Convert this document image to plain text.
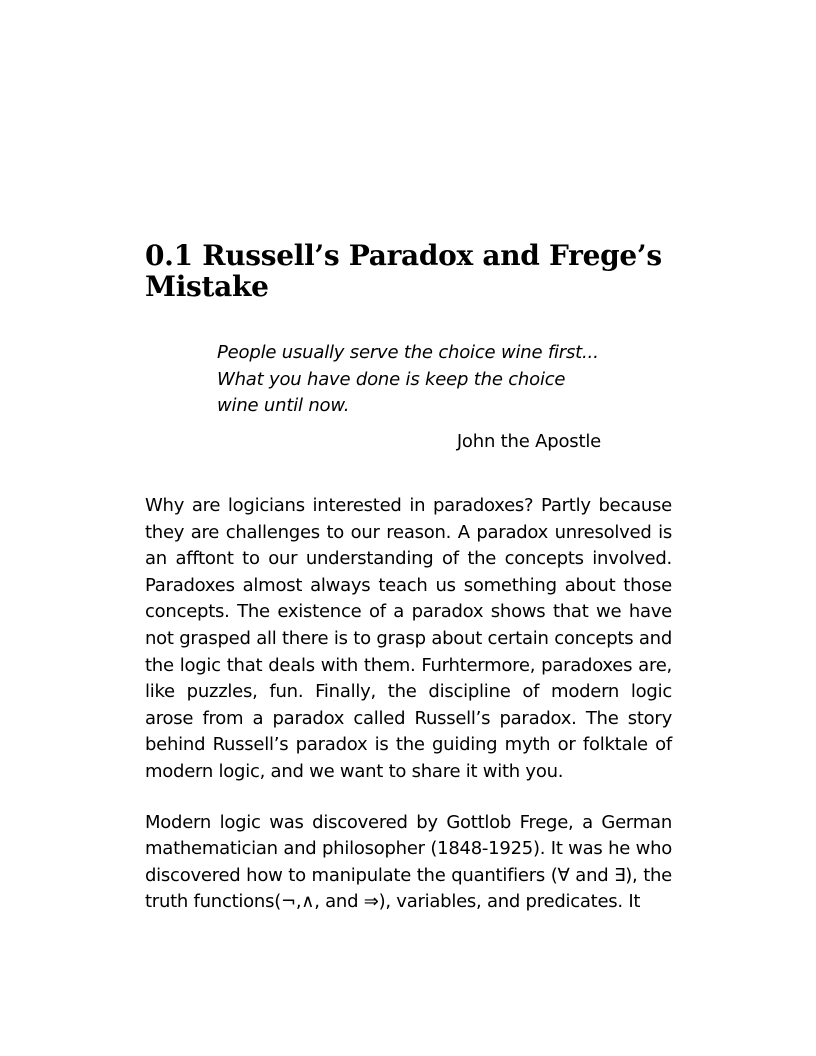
0.1 Russell’s Paradox and Frege’s Mistake

People usually serve the choice wine first... What you have done is keep the choice wine until now.

John the Apostle

Why are logicians interested in paradoxes? Partly because they are challenges to our reason. A paradox unresolved is an afftont to our understanding of the concepts involved. Paradoxes almost always teach us something about those concepts. The existence of a paradox shows that we have not grasped all there is to grasp about certain concepts and the logic that deals with them. Furhtermore, paradoxes are, like puzzles, fun. Finally, the discipline of modern logic arose from a paradox called Russell’s paradox. The story behind Russell’s paradox is the guiding myth or folktale of modern logic, and we want to share it with you.

Modern logic was discovered by Gottlob Frege, a German mathematician and philosopher (1848-1925). It was he who discovered how to manipulate the quantifiers (∀ and ∃), the truth functions(¬,∧, and ⇒), variables, and predicates. It
